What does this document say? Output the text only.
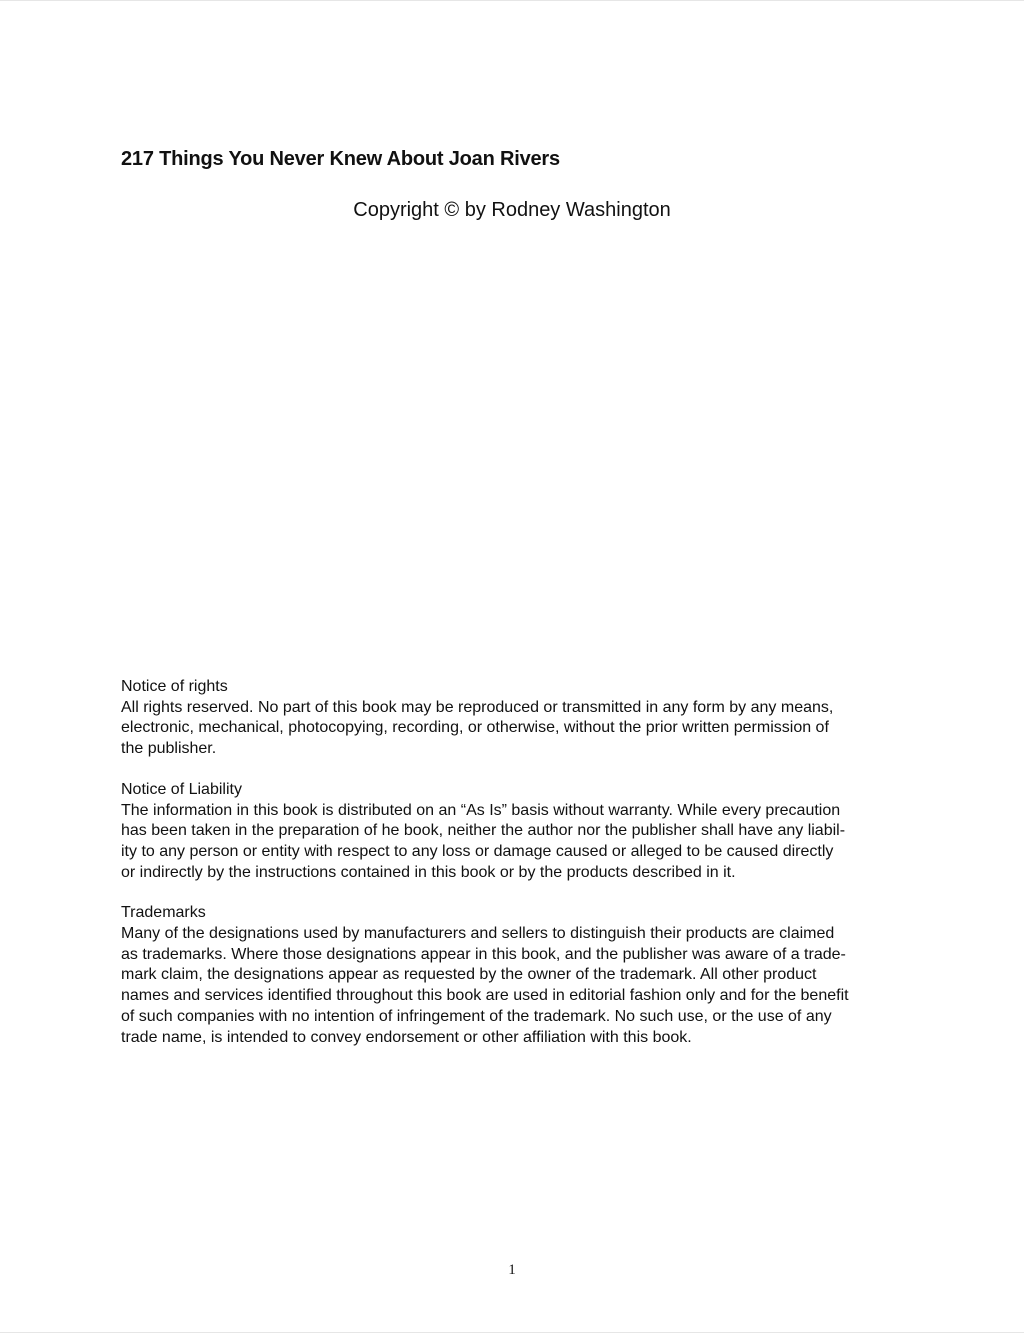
217 Things You Never Knew About Joan Rivers
Copyright © by Rodney Washington
Notice of rights
All rights reserved. No part of this book may be reproduced or transmitted in any form by any means,
electronic, mechanical, photocopying, recording, or otherwise, without the prior written permission of
the publisher.
Notice of Liability
The information in this book is distributed on an “As Is” basis without warranty. While every precaution
has been taken in the preparation of he book, neither the author nor the publisher shall have any liabil-
ity to any person or entity with respect to any loss or damage caused or alleged to be caused directly
or indirectly by the instructions contained in this book or by the products described in it.
Trademarks
Many of the designations used by manufacturers and sellers to distinguish their products are claimed
as trademarks. Where those designations appear in this book, and the publisher was aware of a trade-
mark claim, the designations appear as requested by the owner of the trademark. All other product
names and services identified throughout this book are used in editorial fashion only and for the benefit
of such companies with no intention of infringement of the trademark. No such use, or the use of any
trade name, is intended to convey endorsement or other affiliation with this book.
1
